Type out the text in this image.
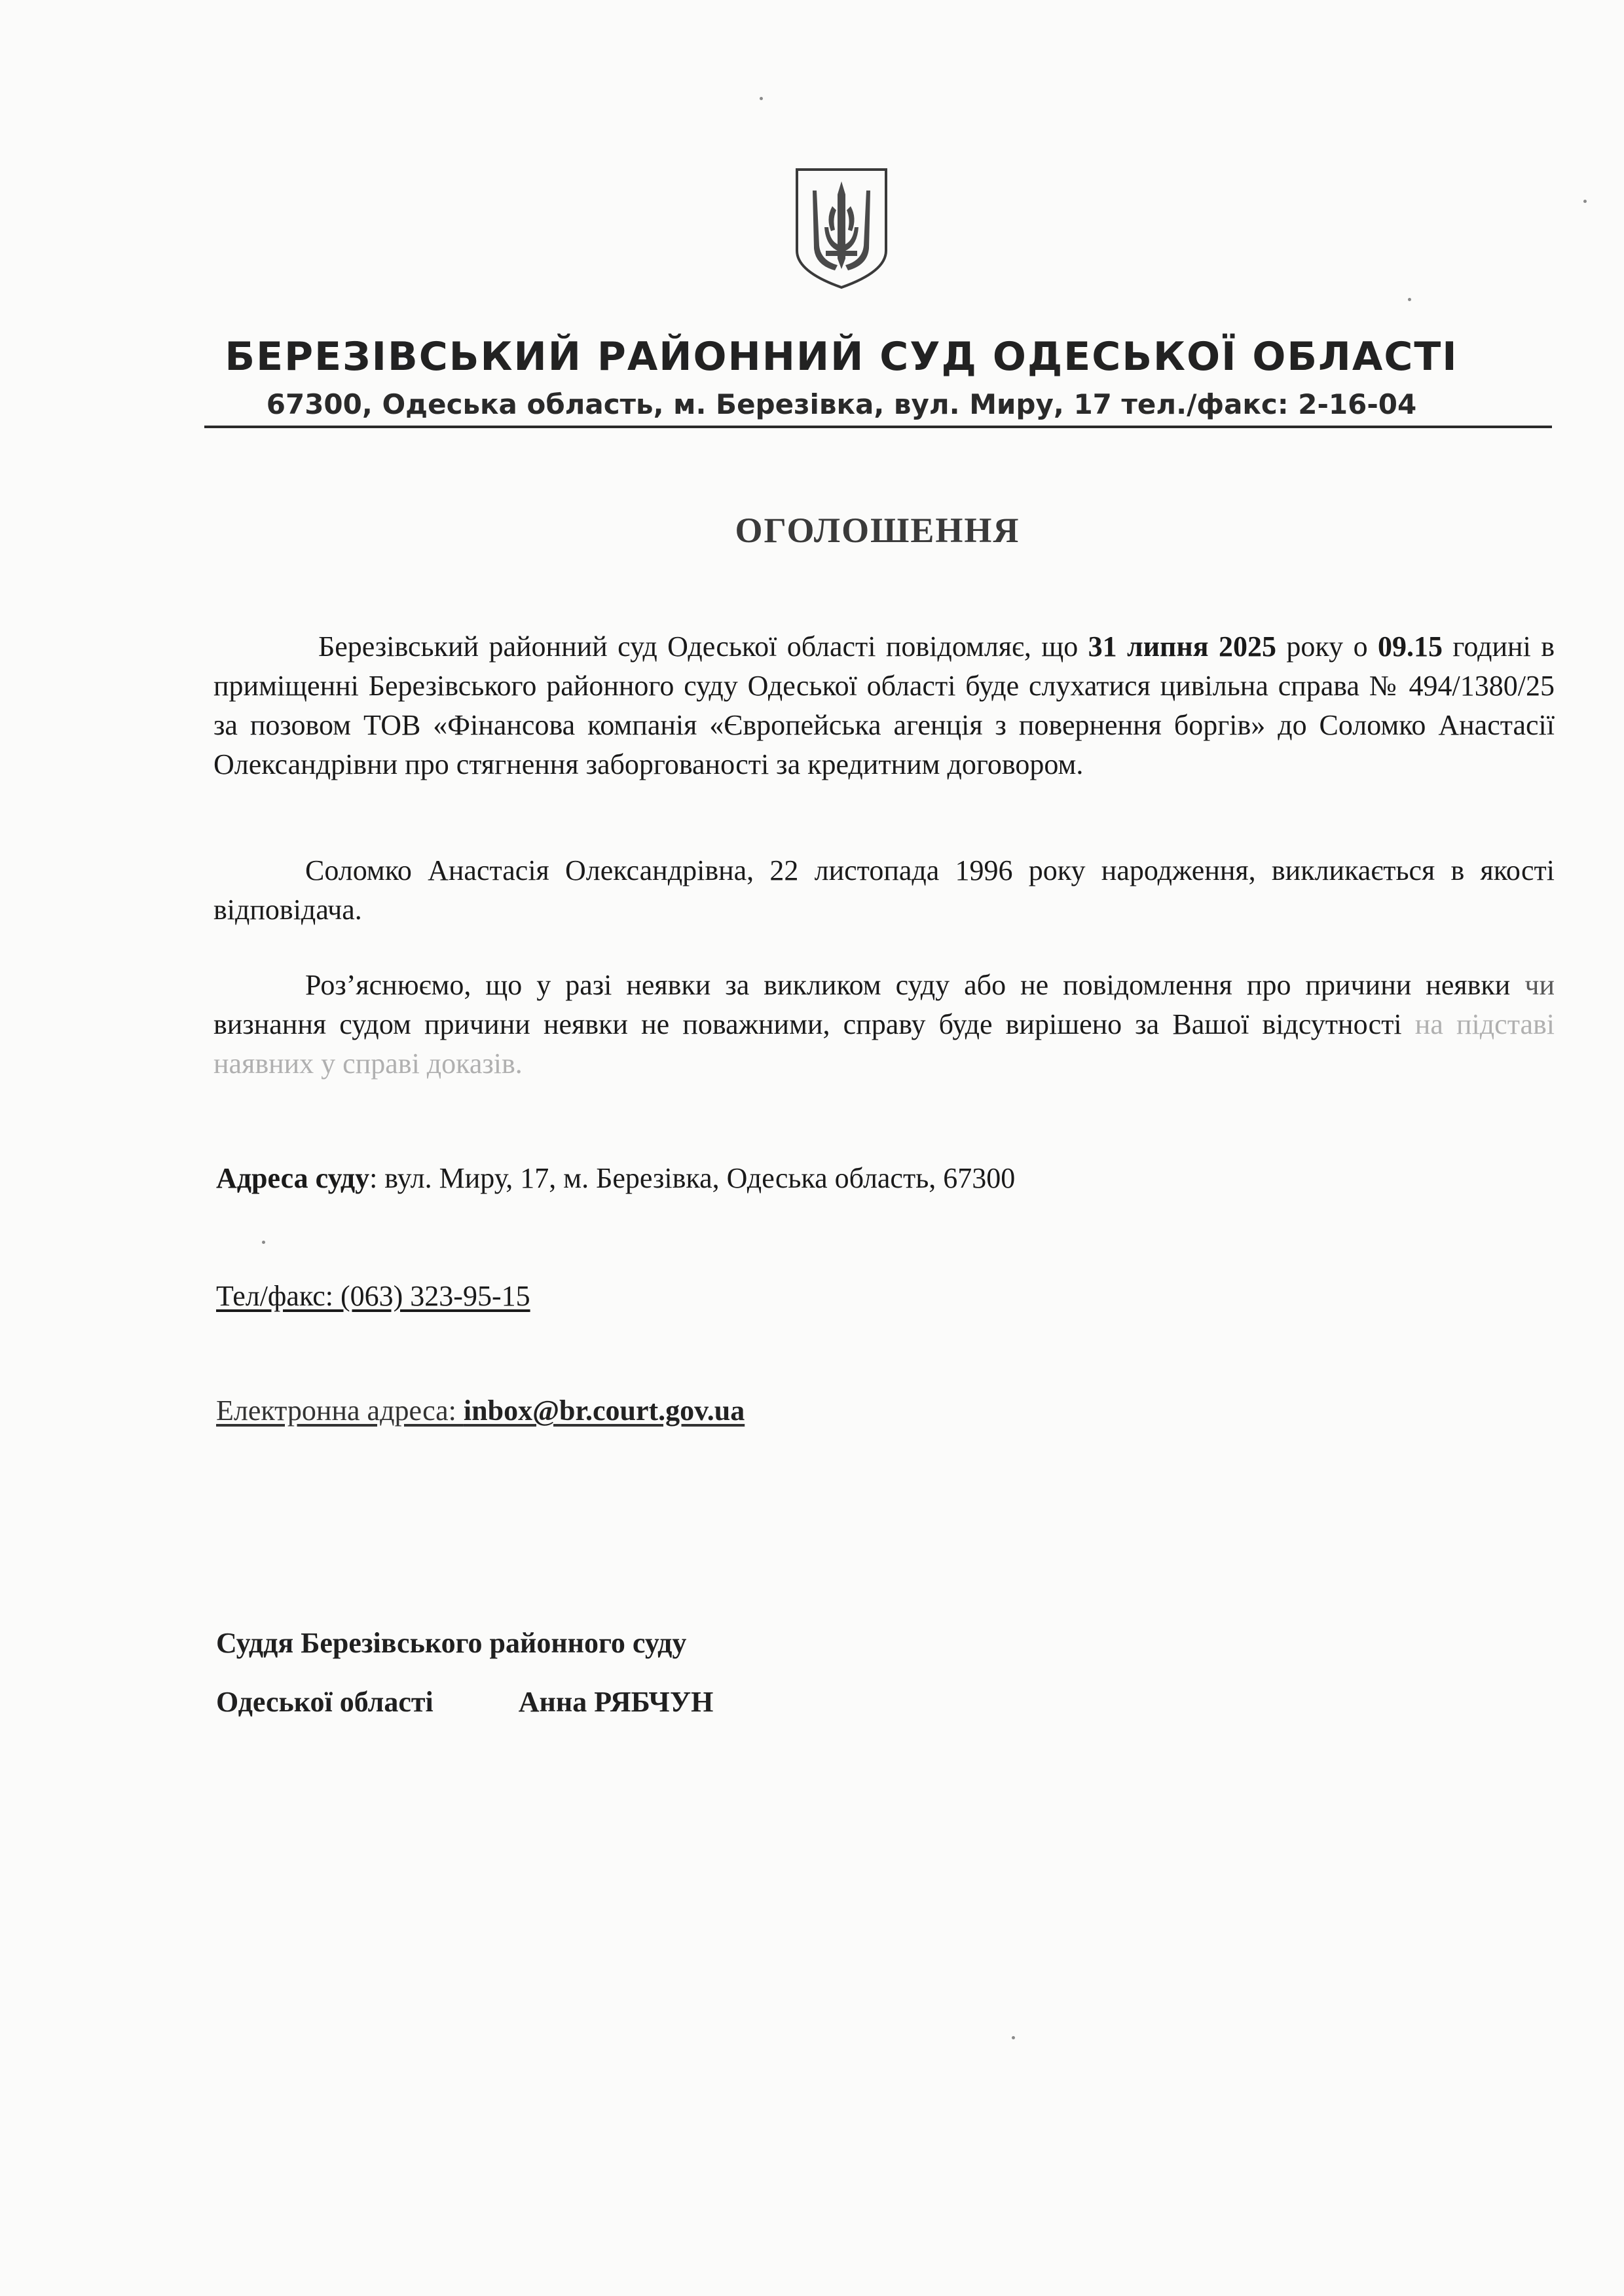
БЕРЕЗІВСЬКИЙ РАЙОННИЙ СУД ОДЕСЬКОЇ ОБЛАСТІ
67300, Одеська область, м. Березівка, вул. Миру, 17 тел./факс: 2-16-04
ОГОЛОШЕННЯ

Березівський районний суд Одеської області повідомляє, що 31 липня 2025 року о 09.15 годині в приміщенні Березівського районного суду Одеської області буде слухатися цивільна справа № 494/1380/25 за позовом ТОВ «Фінансова компанія «Європейська агенція з повернення боргів» до Соломко Анастасії Олександрівни про стягнення заборгованості за кредитним договором.

Соломко Анастасія Олександрівна, 22 листопада 1996 року народження, викликається в якості відповідача.

Роз’яснюємо, що у разі неявки за викликом суду або не повідомлення про причини неявки чи визнання судом причини неявки не поважними, справу буде вирішено за Вашої відсутності на підставі наявних у справі доказів.

Адреса суду: вул. Миру, 17, м. Березівка, Одеська область, 67300
Тел/факс: (063) 323-95-15
Електронна адреса: inbox@br.court.gov.ua
Суддя Березівського районного суду
Одеської області	Анна РЯБЧУН
